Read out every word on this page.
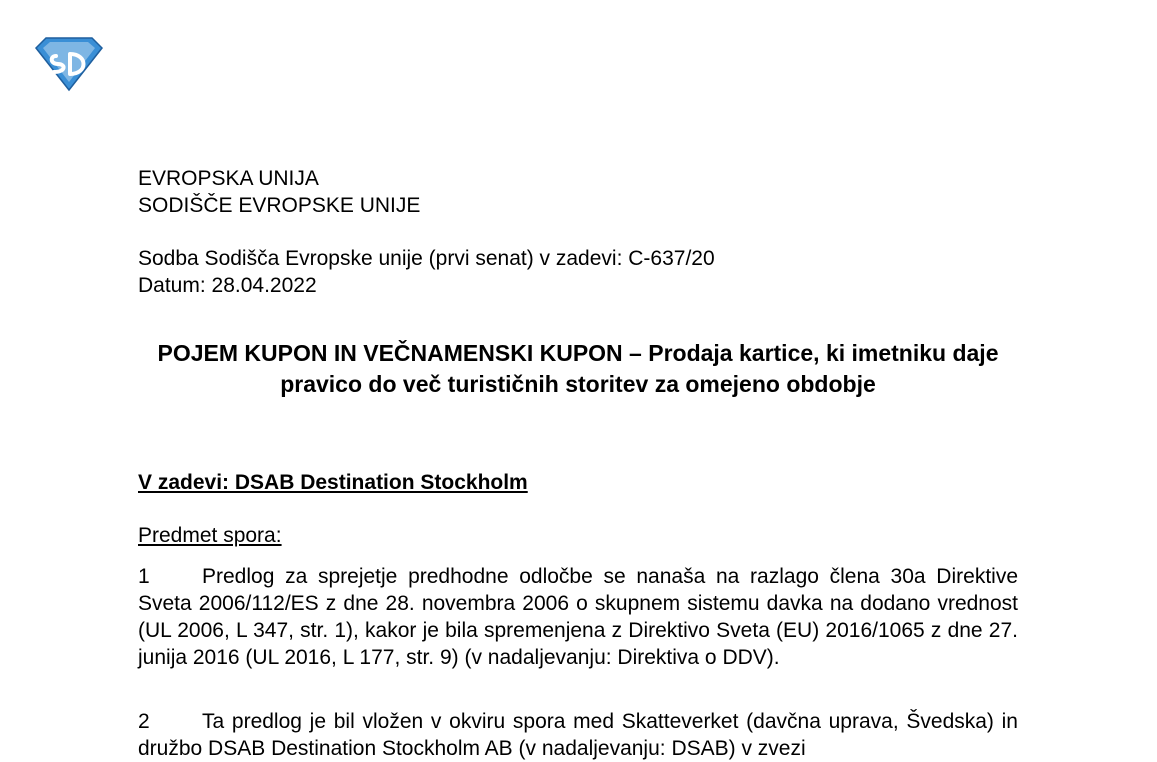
EVROPSKA UNIJA
SODIŠČE EVROPSKE UNIJE
Sodba Sodišča Evropske unije (prvi senat) v zadevi: C-637/20
Datum: 28.04.2022
POJEM KUPON IN VEČNAMENSKI KUPON – Prodaja kartice, ki imetniku daje pravico do več turističnih storitev za omejeno obdobje
V zadevi: DSAB Destination Stockholm
Predmet spora:
1 Predlog za sprejetje predhodne odločbe se nanaša na razlago člena 30a Direktive Sveta 2006/112/ES z dne 28. novembra 2006 o skupnem sistemu davka na dodano vrednost (UL 2006, L 347, str. 1), kakor je bila spremenjena z Direktivo Sveta (EU) 2016/1065 z dne 27. junija 2016 (UL 2016, L 177, str. 9) (v nadaljevanju: Direktiva o DDV).
2 Ta predlog je bil vložen v okviru spora med Skatteverket (davčna uprava, Švedska) in družbo DSAB Destination Stockholm AB (v nadaljevanju: DSAB) v zvezi
